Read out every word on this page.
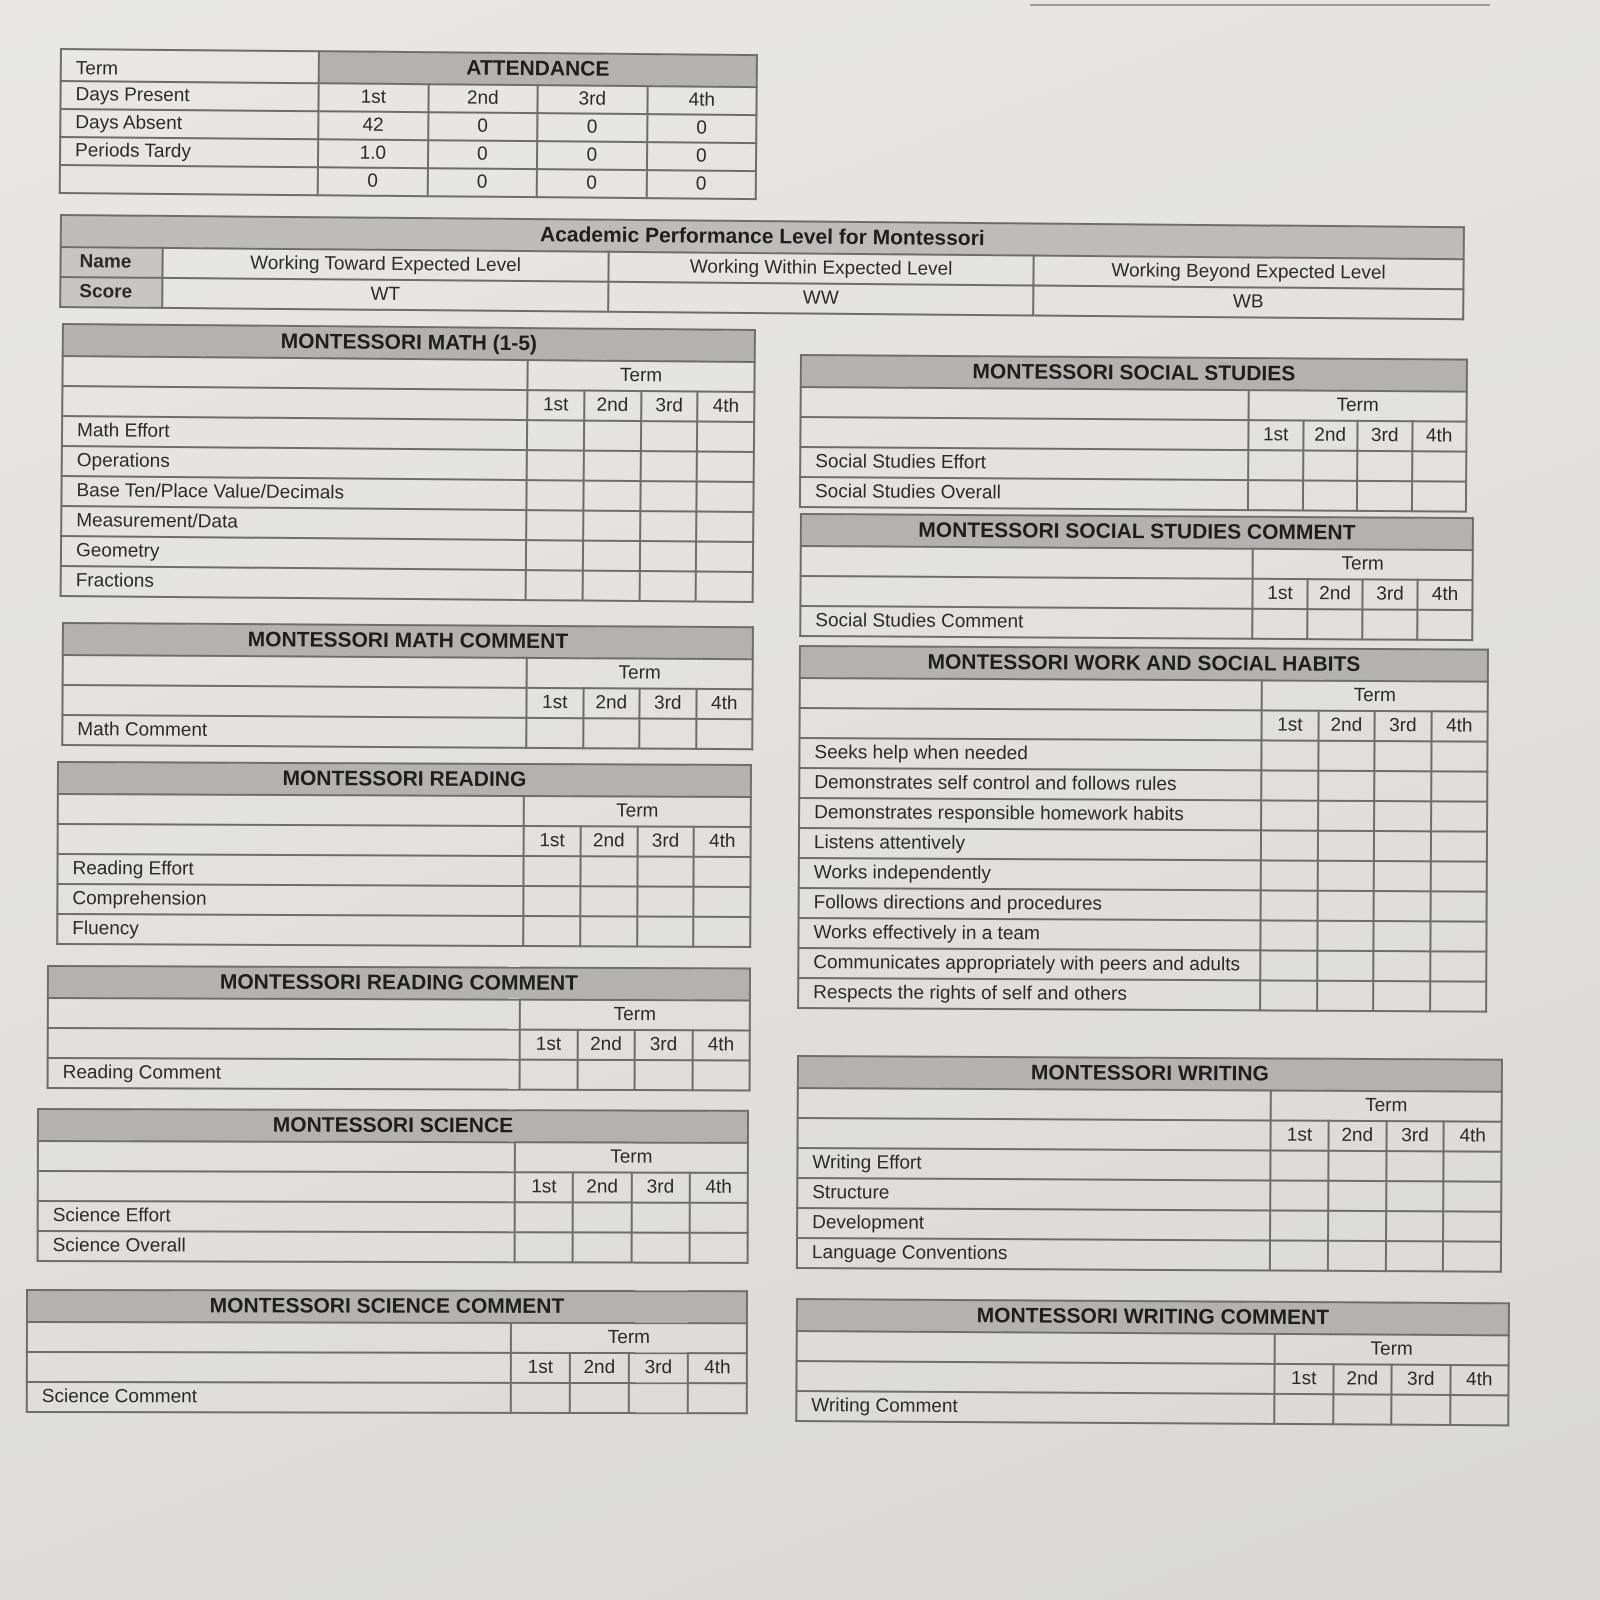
Term	ATTENDANCE			
Days Present	1st	2nd	3rd	4th
Days Absent	42	0	0	0
Periods Tardy	1.0	0	0	0
	0	0	0	0
Academic Performance Level for Montessori			
Name	Working Toward Expected Level	Working Within Expected Level	Working Beyond Expected Level
Score	WT	WW	WB
MONTESSORI MATH (1-5)				
	Term			
	1st	2nd	3rd	4th
Math Effort				
Operations				
Base Ten/Place Value/Decimals				
Measurement/Data				
Geometry				
Fractions				
MONTESSORI MATH COMMENT				
	Term			
	1st	2nd	3rd	4th
Math Comment				
MONTESSORI READING				
	Term			
	1st	2nd	3rd	4th
Reading Effort				
Comprehension				
Fluency				
MONTESSORI READING COMMENT				
	Term			
	1st	2nd	3rd	4th
Reading Comment				
MONTESSORI SCIENCE				
	Term			
	1st	2nd	3rd	4th
Science Effort				
Science Overall				
MONTESSORI SCIENCE COMMENT				
	Term			
	1st	2nd	3rd	4th
Science Comment				
MONTESSORI SOCIAL STUDIES				
	Term			
	1st	2nd	3rd	4th
Social Studies Effort				
Social Studies Overall				
MONTESSORI SOCIAL STUDIES COMMENT				
	Term			
	1st	2nd	3rd	4th
Social Studies Comment				
MONTESSORI WORK AND SOCIAL HABITS				
	Term			
	1st	2nd	3rd	4th
Seeks help when needed				
Demonstrates self control and follows rules				
Demonstrates responsible homework habits				
Listens attentively				
Works independently				
Follows directions and procedures				
Works effectively in a team				
Communicates appropriately with peers and adults				
Respects the rights of self and others				
MONTESSORI WRITING				
	Term			
	1st	2nd	3rd	4th
Writing Effort				
Structure				
Development				
Language Conventions				
MONTESSORI WRITING COMMENT				
	Term			
	1st	2nd	3rd	4th
Writing Comment				
